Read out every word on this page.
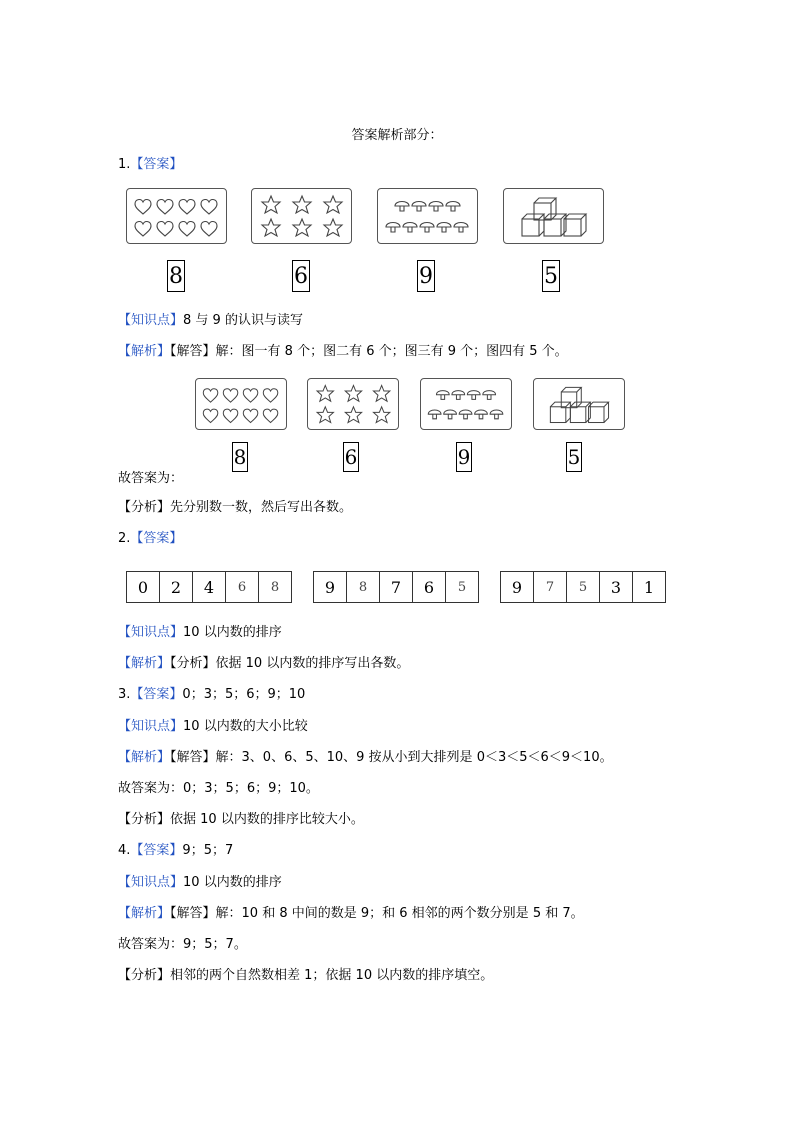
答案解析部分：
1.【答案】
8	6	9	5
【知识点】8 与 9 的认识与读写
【解析】【解答】解：图一有 8 个；图二有 6 个；图三有 9 个；图四有 5 个。
8	6	9	5
故答案为：
【分析】先分别数一数，然后写出各数。
2.【答案】
0	2	4	6	8	9	8	7	6	5	9	7	5	3	1
【知识点】10 以内数的排序
【解析】【分析】依据 10 以内数的排序写出各数。
3.【答案】0；3；5；6；9；10
【知识点】10 以内数的大小比较
【解析】【解答】解：3、0、6、5、10、9 按从小到大排列是 0＜3＜5＜6＜9＜10。
故答案为：0；3；5；6；9；10。
【分析】依据 10 以内数的排序比较大小。
4.【答案】9；5；7
【知识点】10 以内数的排序
【解析】【解答】解：10 和 8 中间的数是 9；和 6 相邻的两个数分别是 5 和 7。
故答案为：9；5；7。
【分析】相邻的两个自然数相差 1；依据 10 以内数的排序填空。
